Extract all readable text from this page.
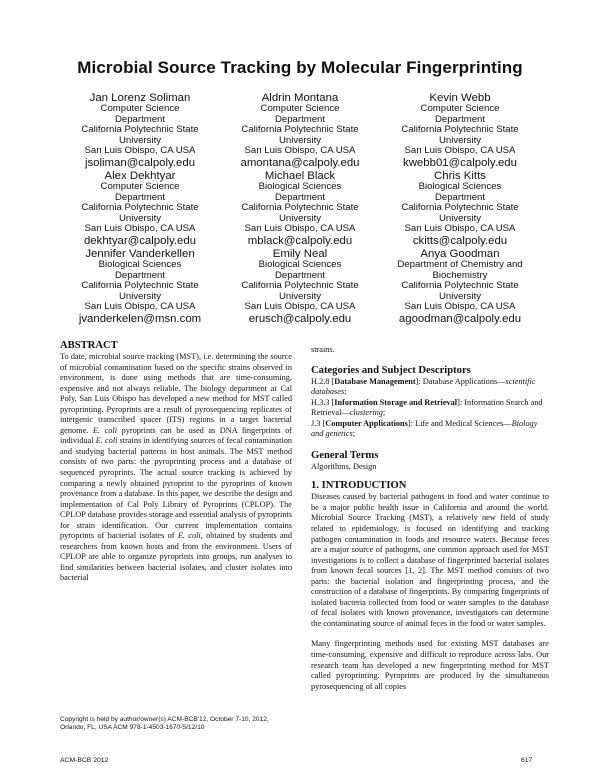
Microbial Source Tracking by Molecular Fingerprinting
Jan Lorenz Soliman
Computer Science
Department
California Polytechnic State
University
San Luis Obispo, CA USA
jsoliman@calpoly.edu
Aldrin Montana
Computer Science
Department
California Polytechnic State
University
San Luis Obispo, CA USA
amontana@calpoly.edu
Kevin Webb
Computer Science
Department
California Polytechnic State
University
San Luis Obispo, CA USA
kwebb01@calpoly.edu
Alex Dekhtyar
Computer Science
Department
California Polytechnic State
University
San Luis Obispo, CA USA
dekhtyar@calpoly.edu
Michael Black
Biological Sciences
Department
California Polytechnic State
University
San Luis Obispo, CA USA
mblack@calpoly.edu
Chris Kitts
Biological Sciences
Department
California Polytechnic State
University
San Luis Obispo, CA USA
ckitts@calpoly.edu
Jennifer Vanderkellen
Biological Sciences
Department
California Polytechnic State
University
San Luis Obispo, CA USA
jvanderkelen@msn.com
Emily Neal
Biological Sciences
Department
California Polytechnic State
University
San Luis Obispo, CA USA
erusch@calpoly.edu
Anya Goodman
Department of Chemistry and
Biochemistry
California Polytechnic State
University
San Luis Obispo, CA USA
agoodman@calpoly.edu
ABSTRACT

To date, microbial source tracking (MST), i.e. determining the source of microbial contamination based on the specific strains observed in environment, is done using methods that are time-consuming, expensive and not always reliable. The biology department at Cal Poly, San Luis Obispo has developed a new method for MST called pyroprinting. Pyroprints are a result of pyrosequencing replicates of intergenic transcribed spacer (ITS) regions in a target bacterial genome. E. coli pyroprints can be used as DNA fingerprints of individual E. coli strains in identifying sources of fecal contamination and studying bacterial patterns in host animals. The MST method consists of two parts: the pyroprinting process and a database of sequenced pyroprints. The actual source tracking is achieved by comparing a newly obtained pyroprint to the pyroprints of known provenance from a database. In this paper, we describe the design and implementation of Cal Poly Library of Pyroprints (CPLOP). The CPLOP database provides storage and essential analysis of pyroprints for strain identification. Our current implementation contains pyroprints of bacterial isolates of E. coli, obtained by students and researchers from known hosts and from the environment. Users of CPLOP are able to organize pyroprints into groups, run analyses to find similarities between bacterial isolates, and cluster isolates into bacterial

Copyright is held by author/owner(s) ACM-BCB'12, October 7-10, 2012, Orlando, FL, USA ACM 978-1-4503-1670-5/12/10

strains.

Categories and Subject Descriptors

H.2.8 [Database Management]: Database Applications—scientific databases;

H.3.3 [Information Storage and Retrieval]: Information Search and Retrieval—clustering;

J.3 [Computer Applications]: Life and Medical Sciences—Biology and genetics;

General Terms

Algorithms, Design

1. INTRODUCTION

Diseases caused by bacterial pathogens in food and water continue to be a major public health issue in California and around the world. Microbial Source Tracking (MST), a relatively new field of study related to epidemiology, is focused on identifying and tracking pathogen contamination in foods and resource waters. Because feces are a major source of pathogens, one common approach used for MST investigations is to collect a database of fingerprinted bacterial isolates from known fecal sources [1, 2]. The MST method consists of two parts: the bacterial isolation and fingerprinting process, and the construction of a database of fingerprints. By comparing fingerprints of isolated bacteria collected from food or water samples to the database of fecal isolates with known provenance, investigators can determine the contaminating source of animal feces in the food or water samples.

Many fingerprinting methods used for existing MST databases are time-consuming, expensive and difficult to reproduce across labs. Our research team has developed a new fingerprinting method for MST called pyroprinting. Pyroprints are produced by the simultaneous pyrosequencing of all copies

ACM-BCB 2012	617
